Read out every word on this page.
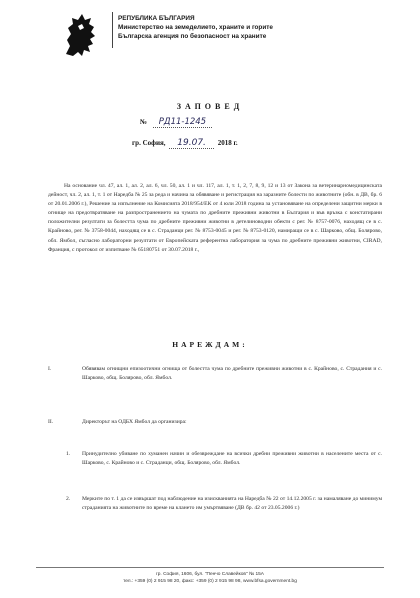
РЕПУБЛИКА БЪЛГАРИЯ
Министерство на земеделието, храните и горите
Българска агенция по безопасност на храните
ЗАПОВЕД
№ РД11-1245
гр. София, 19.07. 2018 г.
На основание чл. 47, ал. 1, ал. 2, ал. 6, чл. 50, ал. 1 и чл. 117, ал. 1, т. 1, 2, 7, 8, 9, 12 и 13 от Закона за ветеринарномедицинската дейност, чл. 2, ал. 1, т. 1 от Наредба № 25 за реда и начина за обявяване и регистрация на заразните болести по животните (обн. в ДВ, бр. 6 от 20.01.2006 г.), Решение за изпълнение на Комисията 2018/954/ЕК от 4 юли 2018 година за установяване на определени защитни мерки в огнище на предотвратяване на разпространението на чумата по дребните преживни животни в България и във връзка с констатирани положителни резултати за болестта чума по дребните преживни животни в детелиноводни обекти с рег. № 8757-0076, находящ се в с. Крайново, рег. № 3758-0044, находящ се в с. Страданци рег. № 8753-0045 и рег. № 8753-0120, намиращи се в с. Шарково, общ. Болярово, обл. Ямбол, съгласно лабораторни резултати от Европейската референтна лаборатория за чума по дребните преживни животни, CIRAD, Франция, с протокол от изпитване № 65180751 от 30.07.2018 г.,
НАРЕЖДАМ:
I.	Обявявам огнищни епизоотични огнища от болестта чума по дребните преживни животни в с. Крайново, с. Страдания и с. Шарково, общ. Болярово, обл. Ямбол.
II.	Директорът на ОДБХ Ямбол да организира:
1. Принудително убиване по хуманен начин и обезвреждане на всички дребни преживни животни в населените места от с. Шарково, с. Крайново и с. Страданци, общ. Болярово, обл. Ямбол.
2. Мерките по т. 1 да се извършат под наблюдение на изискванията на Наредба № 22 от 14.12.2005 г. за намаляване до минимум страданията на животните по време на клането им умъртвяване (ДВ бр. 42 от 23.05.2006 г.)
гр. София, 1606, бул. "Пенчо Славейков" № 15А
тел.: +359 (0) 2 915 98 20, факс: +359 (0) 2 915 98 98, www.bfsa.government.bg
